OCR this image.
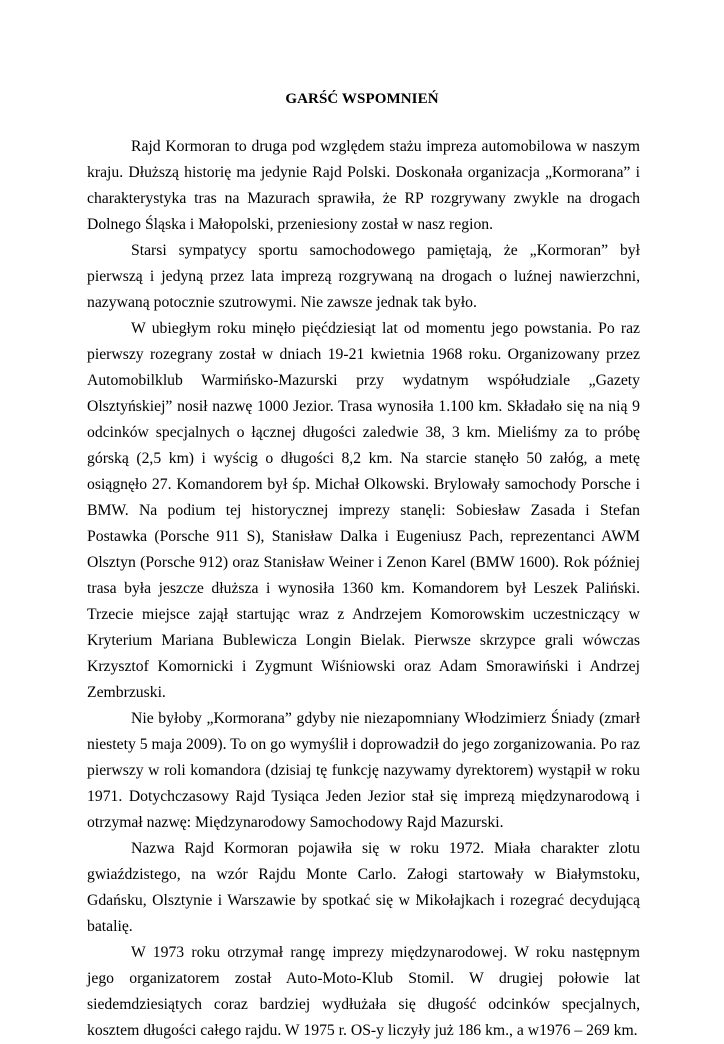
GARŚĆ WSPOMNIEŃ

Rajd Kormoran to druga pod względem stażu impreza automobilowa w naszym kraju. Dłuższą historię ma jedynie Rajd Polski. Doskonała organizacja „Kormorana” i charakterystyka tras na Mazurach sprawiła, że RP rozgrywany zwykle na drogach Dolnego Śląska i Małopolski, przeniesiony został w nasz region.

Starsi sympatycy sportu samochodowego pamiętają, że „Kormoran” był pierwszą i jedyną przez lata imprezą rozgrywaną na drogach o luźnej nawierzchni, nazywaną potocznie szutrowymi. Nie zawsze jednak tak było.

W ubiegłym roku minęło pięćdziesiąt lat od momentu jego powstania. Po raz pierwszy rozegrany został w dniach 19-21 kwietnia 1968 roku. Organizowany przez Automobilklub Warmińsko-Mazurski przy wydatnym współudziale „Gazety Olsztyńskiej” nosił nazwę 1000 Jezior. Trasa wynosiła 1.100 km. Składało się na nią 9 odcinków specjalnych o łącznej długości zaledwie 38, 3 km. Mieliśmy za to próbę górską (2,5 km) i wyścig o długości 8,2 km. Na starcie stanęło 50 załóg, a metę osiągnęło 27. Komandorem był śp. Michał Olkowski. Brylowały samochody Porsche i BMW. Na podium tej historycznej imprezy stanęli: Sobiesław Zasada i Stefan Postawka (Porsche 911 S), Stanisław Dalka i Eugeniusz Pach, reprezentanci AWM Olsztyn (Porsche 912) oraz Stanisław Weiner i Zenon Karel (BMW 1600). Rok później trasa była jeszcze dłuższa i wynosiła 1360 km. Komandorem był Leszek Paliński. Trzecie miejsce zajął startując wraz z Andrzejem Komorowskim uczestniczący w Kryterium Mariana Bublewicza Longin Bielak. Pierwsze skrzypce grali wówczas Krzysztof Komornicki i Zygmunt Wiśniowski oraz Adam Smorawiński i Andrzej Zembrzuski.

Nie byłoby „Kormorana” gdyby nie niezapomniany Włodzimierz Śniady (zmarł niestety 5 maja 2009). To on go wymyślił i doprowadził do jego zorganizowania. Po raz pierwszy w roli komandora (dzisiaj tę funkcję nazywamy dyrektorem) wystąpił w roku 1971. Dotychczasowy Rajd Tysiąca Jeden Jezior stał się imprezą międzynarodową i otrzymał nazwę: Międzynarodowy Samochodowy Rajd Mazurski.

Nazwa Rajd Kormoran pojawiła się w roku 1972. Miała charakter zlotu gwiaździstego, na wzór Rajdu Monte Carlo. Załogi startowały w Białymstoku, Gdańsku, Olsztynie i Warszawie by spotkać się w Mikołajkach i rozegrać decydującą batalię.

W 1973 roku otrzymał rangę imprezy międzynarodowej. W roku następnym jego organizatorem został Auto-Moto-Klub Stomil. W drugiej połowie lat siedemdziesiątych coraz bardziej wydłużała się długość odcinków specjalnych, kosztem długości całego rajdu. W 1975 r. OS-y liczyły już 186 km., a w1976 – 269 km.
